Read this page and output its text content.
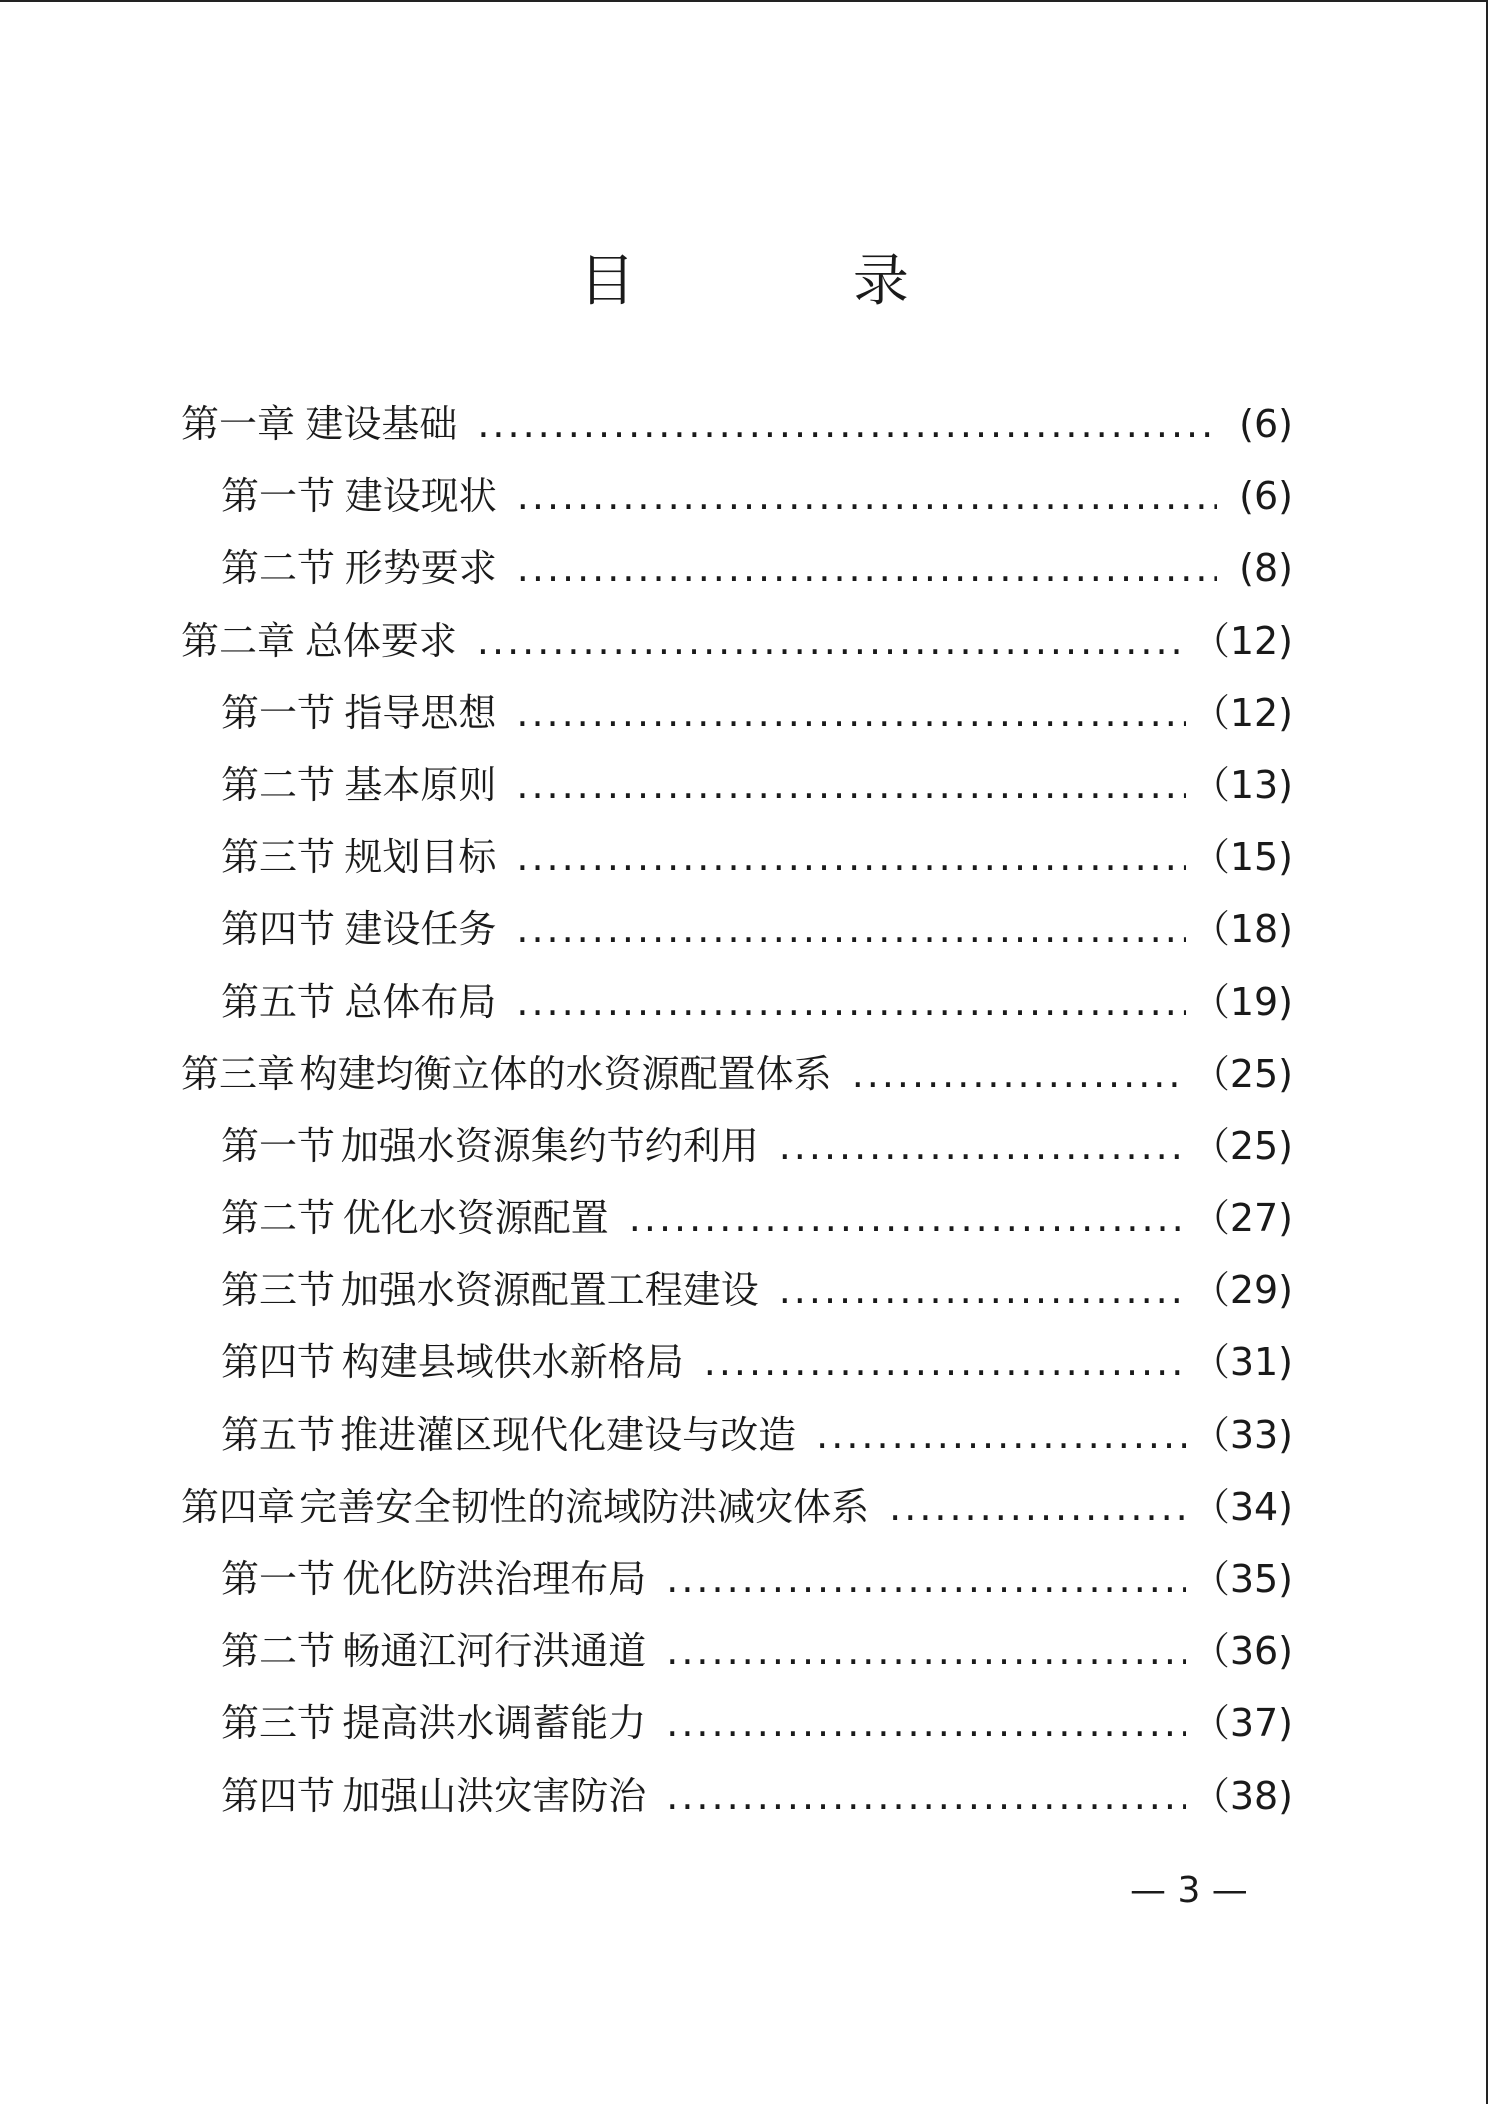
目 录
第一章 建设基础 .....	(6)
第一节 建设现状 .....	(6)
第二节 形势要求 .....	(8)
第二章 总体要求 .....	（12)
第一节 指导思想 .....	（12)
第二节 基本原则 .....	（13)
第三节 规划目标 .....	（15)
第四节 建设任务 .....	（18)
第五节 总体布局 .....	（19)
第三章 构建均衡立体的水资源配置体系 .....	（25)
第一节 加强水资源集约节约利用 .....	（25)
第二节 优化水资源配置 .....	（27)
第三节 加强水资源配置工程建设 .....	（29)
第四节 构建县域供水新格局 .....	（31)
第五节 推进灌区现代化建设与改造 .....	（33)
第四章 完善安全韧性的流域防洪减灾体系 .....	（34)
第一节 优化防洪治理布局 .....	（35)
第二节 畅通江河行洪通道 .....	（36)
第三节 提高洪水调蓄能力 .....	（37)
第四节 加强山洪灾害防治 .....	（38)
— 3 —
